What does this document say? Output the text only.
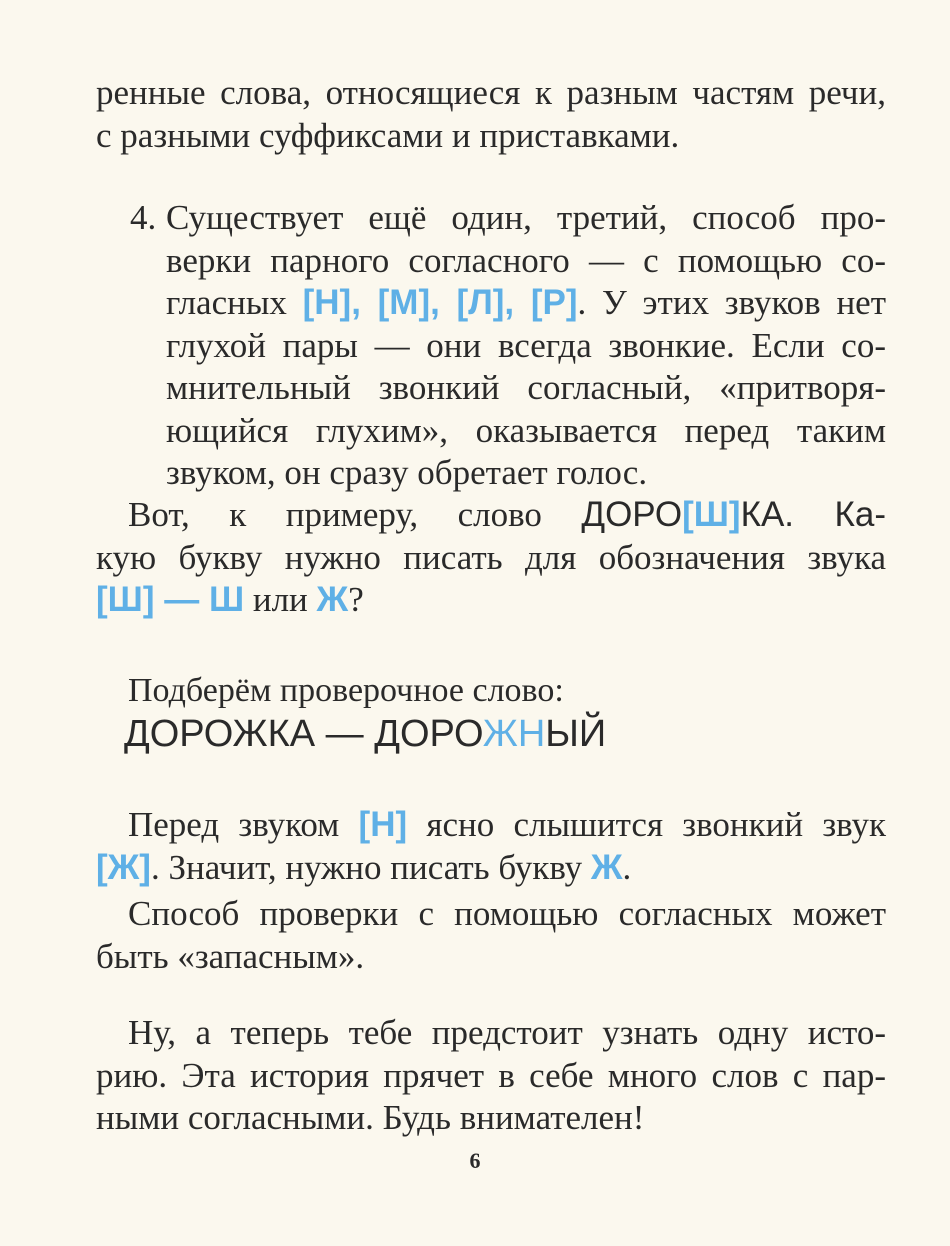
ренные слова, относящиеся к разным частям речи,
с разными суффиксами и приставками.
4. Существует ещё один, третий, способ про-
верки парного согласного — с помощью со-
гласных [Н], [М], [Л], [Р]. У этих звуков нет
глухой пары — они всегда звонкие. Если со-
мнительный звонкий согласный, «притворя-
ющийся глухим», оказывается перед таким
звуком, он сразу обретает голос.
Вот, к примеру, слово ДОРО[Ш]КА. Ка-
кую букву нужно писать для обозначения звука
[Ш] — Ш или Ж?
Подберём проверочное слово:
ДОРОЖКА — ДОРОЖНЫЙ
Перед звуком [Н] ясно слышится звонкий звук
[Ж]. Значит, нужно писать букву Ж.
Способ проверки с помощью согласных может
быть «запасным».
Ну, а теперь тебе предстоит узнать одну исто-
рию. Эта история прячет в себе много слов с пар-
ными согласными. Будь внимателен!
6
